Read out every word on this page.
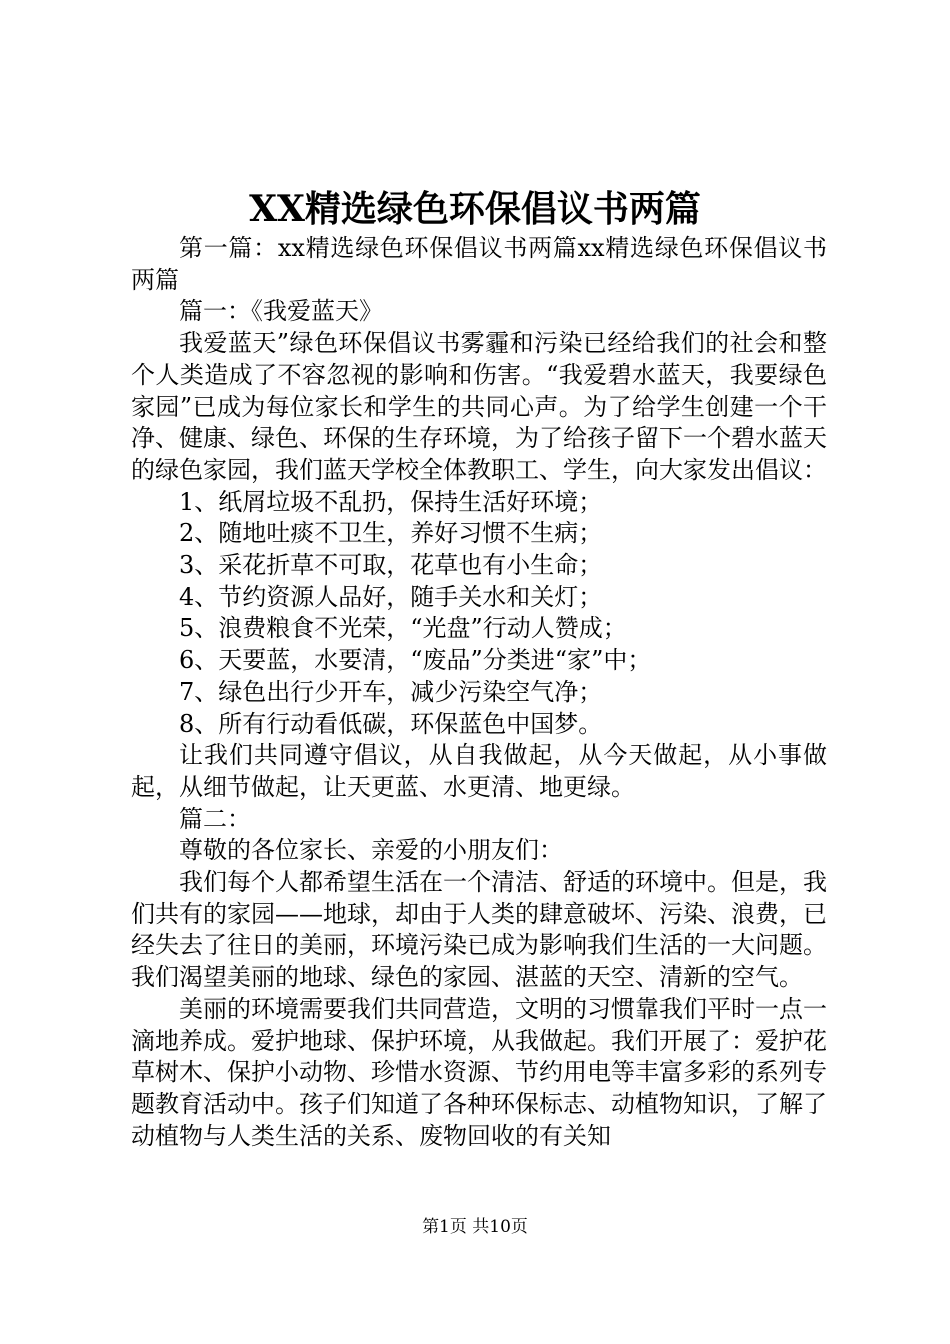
XX精选绿色环保倡议书两篇

第一篇：xx精选绿色环保倡议书两篇xx精选绿色环保倡议书两篇

篇一：《我爱蓝天》

我爱蓝天”绿色环保倡议书雾霾和污染已经给我们的社会和整个人类造成了不容忽视的影响和伤害。“我爱碧水蓝天，我要绿色家园”已成为每位家长和学生的共同心声。为了给学生创建一个干净、健康、绿色、环保的生存环境，为了给孩子留下一个碧水蓝天的绿色家园，我们蓝天学校全体教职工、学生，向大家发出倡议：

1、纸屑垃圾不乱扔，保持生活好环境；

2、随地吐痰不卫生，养好习惯不生病；

3、采花折草不可取，花草也有小生命；

4、节约资源人品好，随手关水和关灯；

5、浪费粮食不光荣，“光盘”行动人赞成；

6、天要蓝，水要清，“废品”分类进“家”中；

7、绿色出行少开车，减少污染空气净；

8、所有行动看低碳，环保蓝色中国梦。

让我们共同遵守倡议，从自我做起，从今天做起，从小事做起，从细节做起，让天更蓝、水更清、地更绿。

篇二：

尊敬的各位家长、亲爱的小朋友们：

我们每个人都希望生活在一个清洁、舒适的环境中。但是，我们共有的家园——地球，却由于人类的肆意破坏、污染、浪费，已经失去了往日的美丽，环境污染已成为影响我们生活的一大问题。我们渴望美丽的地球、绿色的家园、湛蓝的天空、清新的空气。

美丽的环境需要我们共同营造，文明的习惯靠我们平时一点一滴地养成。爱护地球、保护环境，从我做起。我们开展了：爱护花草树木、保护小动物、珍惜水资源、节约用电等丰富多彩的系列专题教育活动中。孩子们知道了各种环保标志、动植物知识，了解了动植物与人类生活的关系、废物回收的有关知

第1页 共10页
